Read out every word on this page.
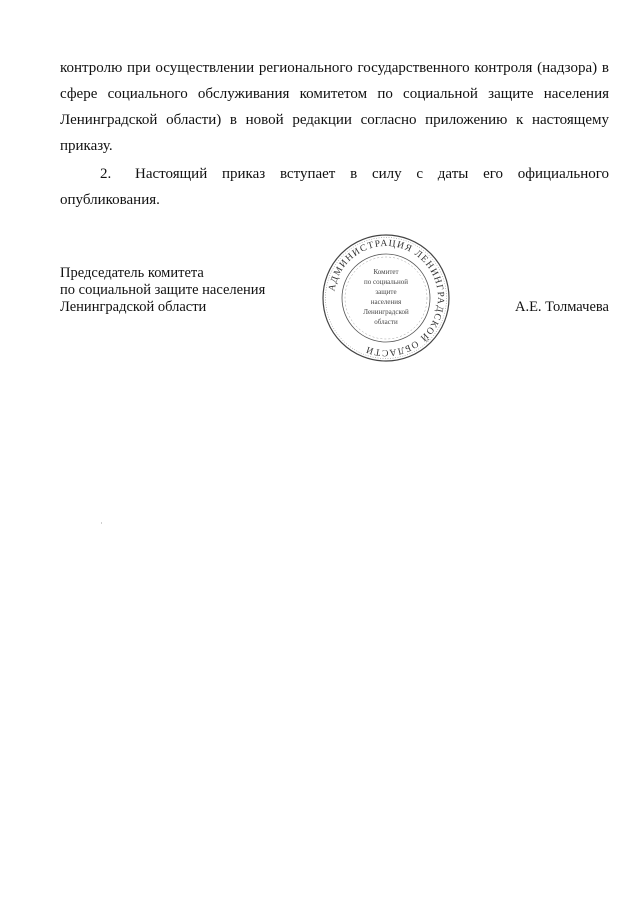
контролю при осуществлении регионального государственного контроля (надзора) в сфере социального обслуживания комитетом по социальной защите населения Ленинградской области) в новой редакции согласно приложению к настоящему приказу.
2. Настоящий приказ вступает в силу с даты его официального опубликования.
Председатель комитета
по социальной защите населения
Ленинградской области	А.Е. Толмачева
АДМИНИСТРАЦИЯ ЛЕНИНГРАДСКОЙ ОБЛАСТИ
Комитет
по социальной
защите
населения
Ленинградской
области
